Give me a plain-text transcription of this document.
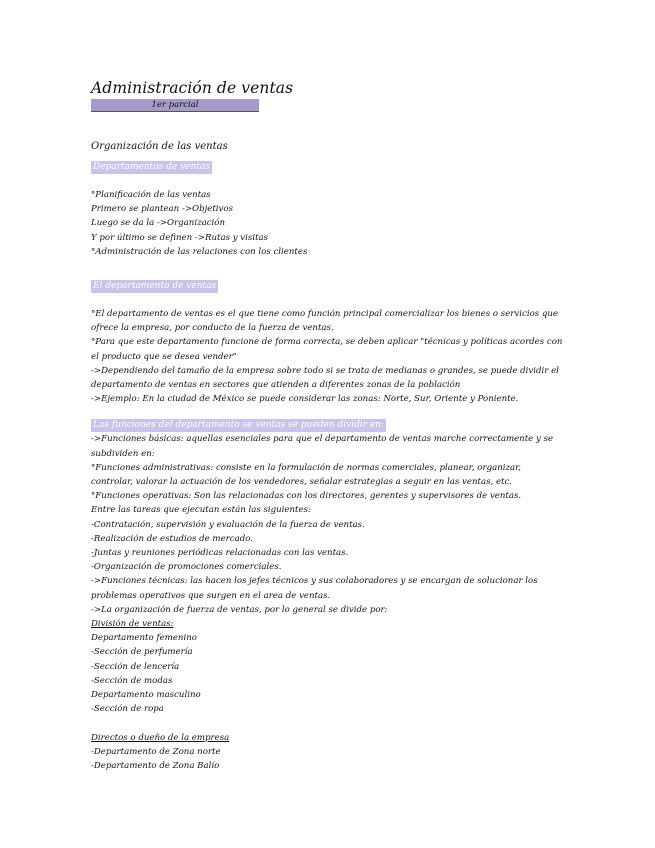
Administración de ventas
1er parcial
Organización de las ventas
Departamentos de ventas

°Planificación de las ventas

Primero se plantean ->Objetivos

Luego se da la ->Organización

Y por último se definen ->Rutas y visitas

°Administración de las relaciones con los clientes

El departamento de ventas

°El departamento de ventas es el que tiene como función principal comercializar los bienes o servicios que ofrece la empresa, por conducto de la fuerza de ventas.

°Para que este departamento funcione de forma correcta, se deben aplicar "técnicas y políticas acordes con el producto que se desea vender"

->Dependiendo del tamaño de la empresa sobre todo si se trata de medianas o grandes, se puede dividir el departamento de ventas en sectores que atienden a diferentes zonas de la población

->Ejemplo: En la ciudad de México se puede considerar las zonas: Norte, Sur, Oriente y Poniente.

Las funciones del departamento se ventas se pueden dividir en:

->Funciones básicas: aquellas esenciales para que el departamento de ventas marche correctamente y se subdividen en:

°Funciones administrativas: consiste en la formulación de normas comerciales, planear, organizar, controlar, valorar la actuación de los vendedores, señalar estrategias a seguir en las ventas, etc.

°Funciones operativas: Son las relacionadas con los directores, gerentes y supervisores de ventas.

Entre las tareas que ejecutan están las siguientes:

-Contratación, supervisión y evaluación de la fuerza de ventas.

-Realización de estudios de mercado.

-Juntas y reuniones periódicas relacionadas con las ventas.

-Organización de promociones comerciales.

->Funciones técnicas: las hacen los jefes técnicos y sus colaboradores y se encargan de solucionar los problemas operativos que surgen en el area de ventas.

->La organización de fuerza de ventas, por lo general se divide por:

División de ventas:

Departamento femenino

-Sección de perfumería

-Sección de lencería

-Sección de modas

Departamento masculino

-Sección de ropa

Directos o dueño de la empresa

-Departamento de Zona norte

-Departamento de Zona Balío
